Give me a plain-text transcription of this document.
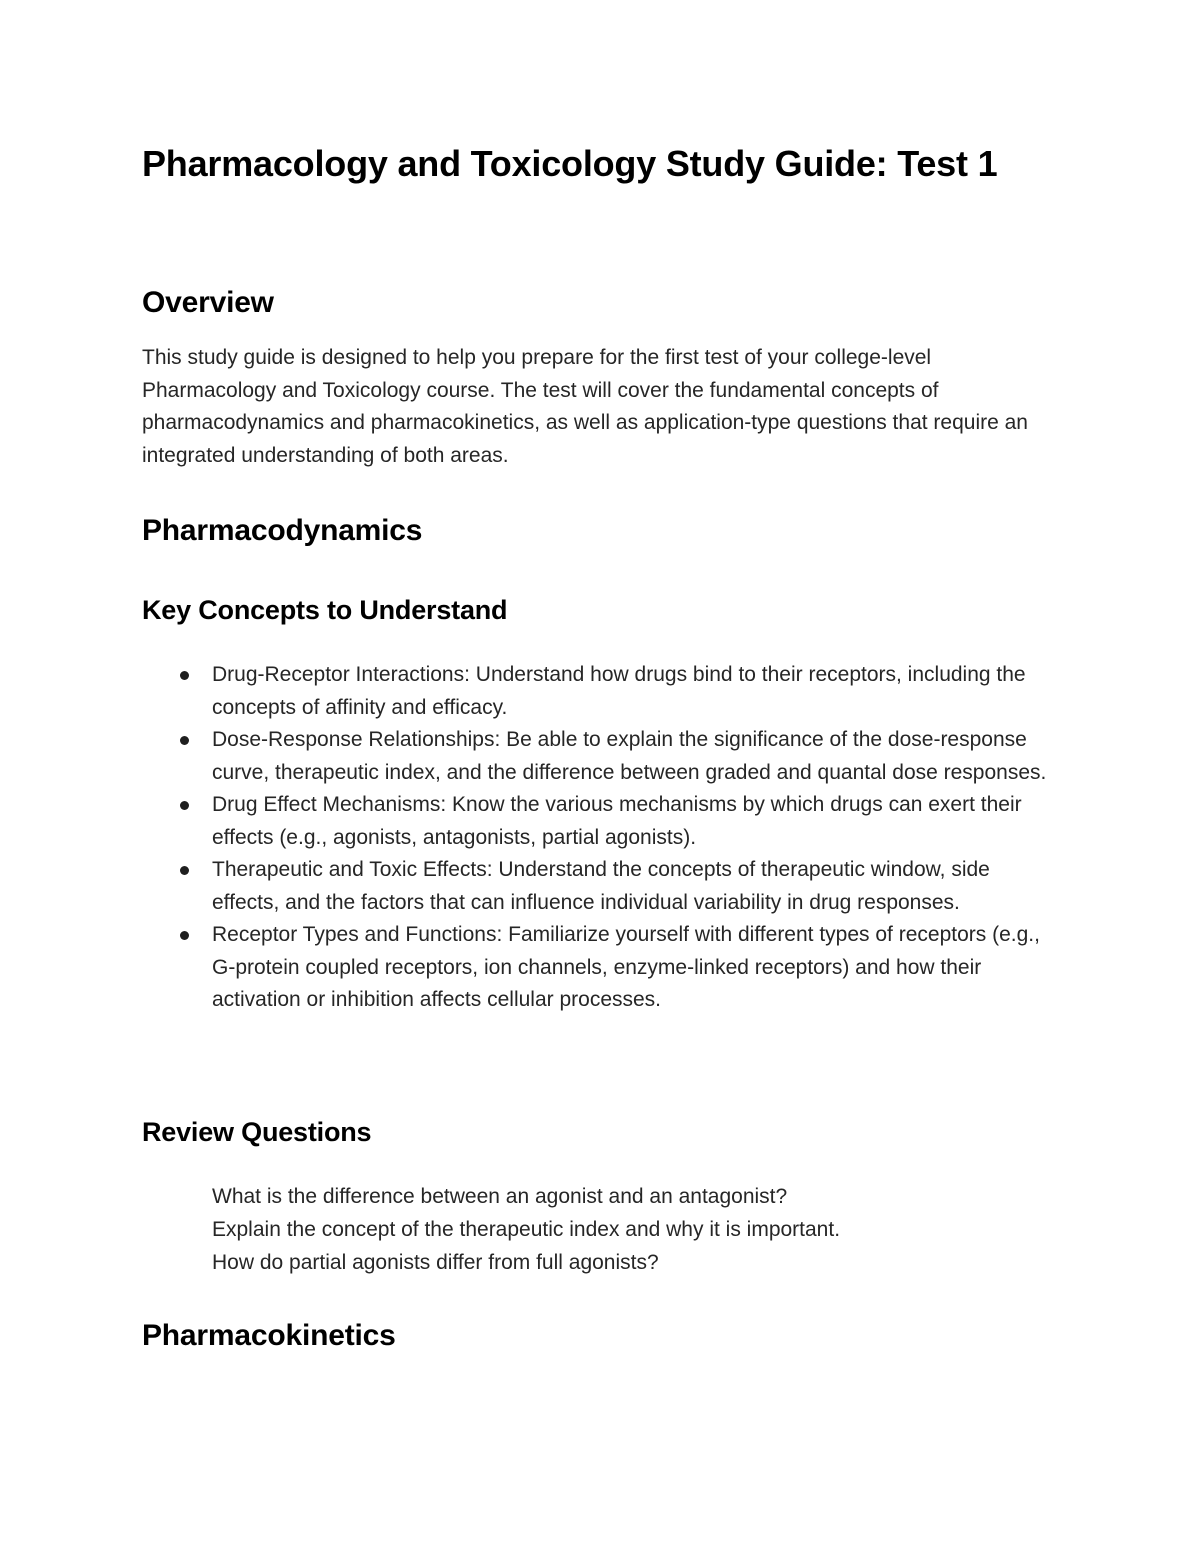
Pharmacology and Toxicology Study Guide: Test 1
Overview

This study guide is designed to help you prepare for the first test of your college-level Pharmacology and Toxicology course. The test will cover the fundamental concepts of pharmacodynamics and pharmacokinetics, as well as application-type questions that require an integrated understanding of both areas.

Pharmacodynamics
Key Concepts to Understand
Drug-Receptor Interactions: Understand how drugs bind to their receptors, including the concepts of affinity and efficacy.
Dose-Response Relationships: Be able to explain the significance of the dose-response curve, therapeutic index, and the difference between graded and quantal dose responses.
Drug Effect Mechanisms: Know the various mechanisms by which drugs can exert their effects (e.g., agonists, antagonists, partial agonists).
Therapeutic and Toxic Effects: Understand the concepts of therapeutic window, side effects, and the factors that can influence individual variability in drug responses.
Receptor Types and Functions: Familiarize yourself with different types of receptors (e.g., G-protein coupled receptors, ion channels, enzyme-linked receptors) and how their activation or inhibition affects cellular processes.
Review Questions
What is the difference between an agonist and an antagonist?
Explain the concept of the therapeutic index and why it is important.
How do partial agonists differ from full agonists?
Pharmacokinetics
